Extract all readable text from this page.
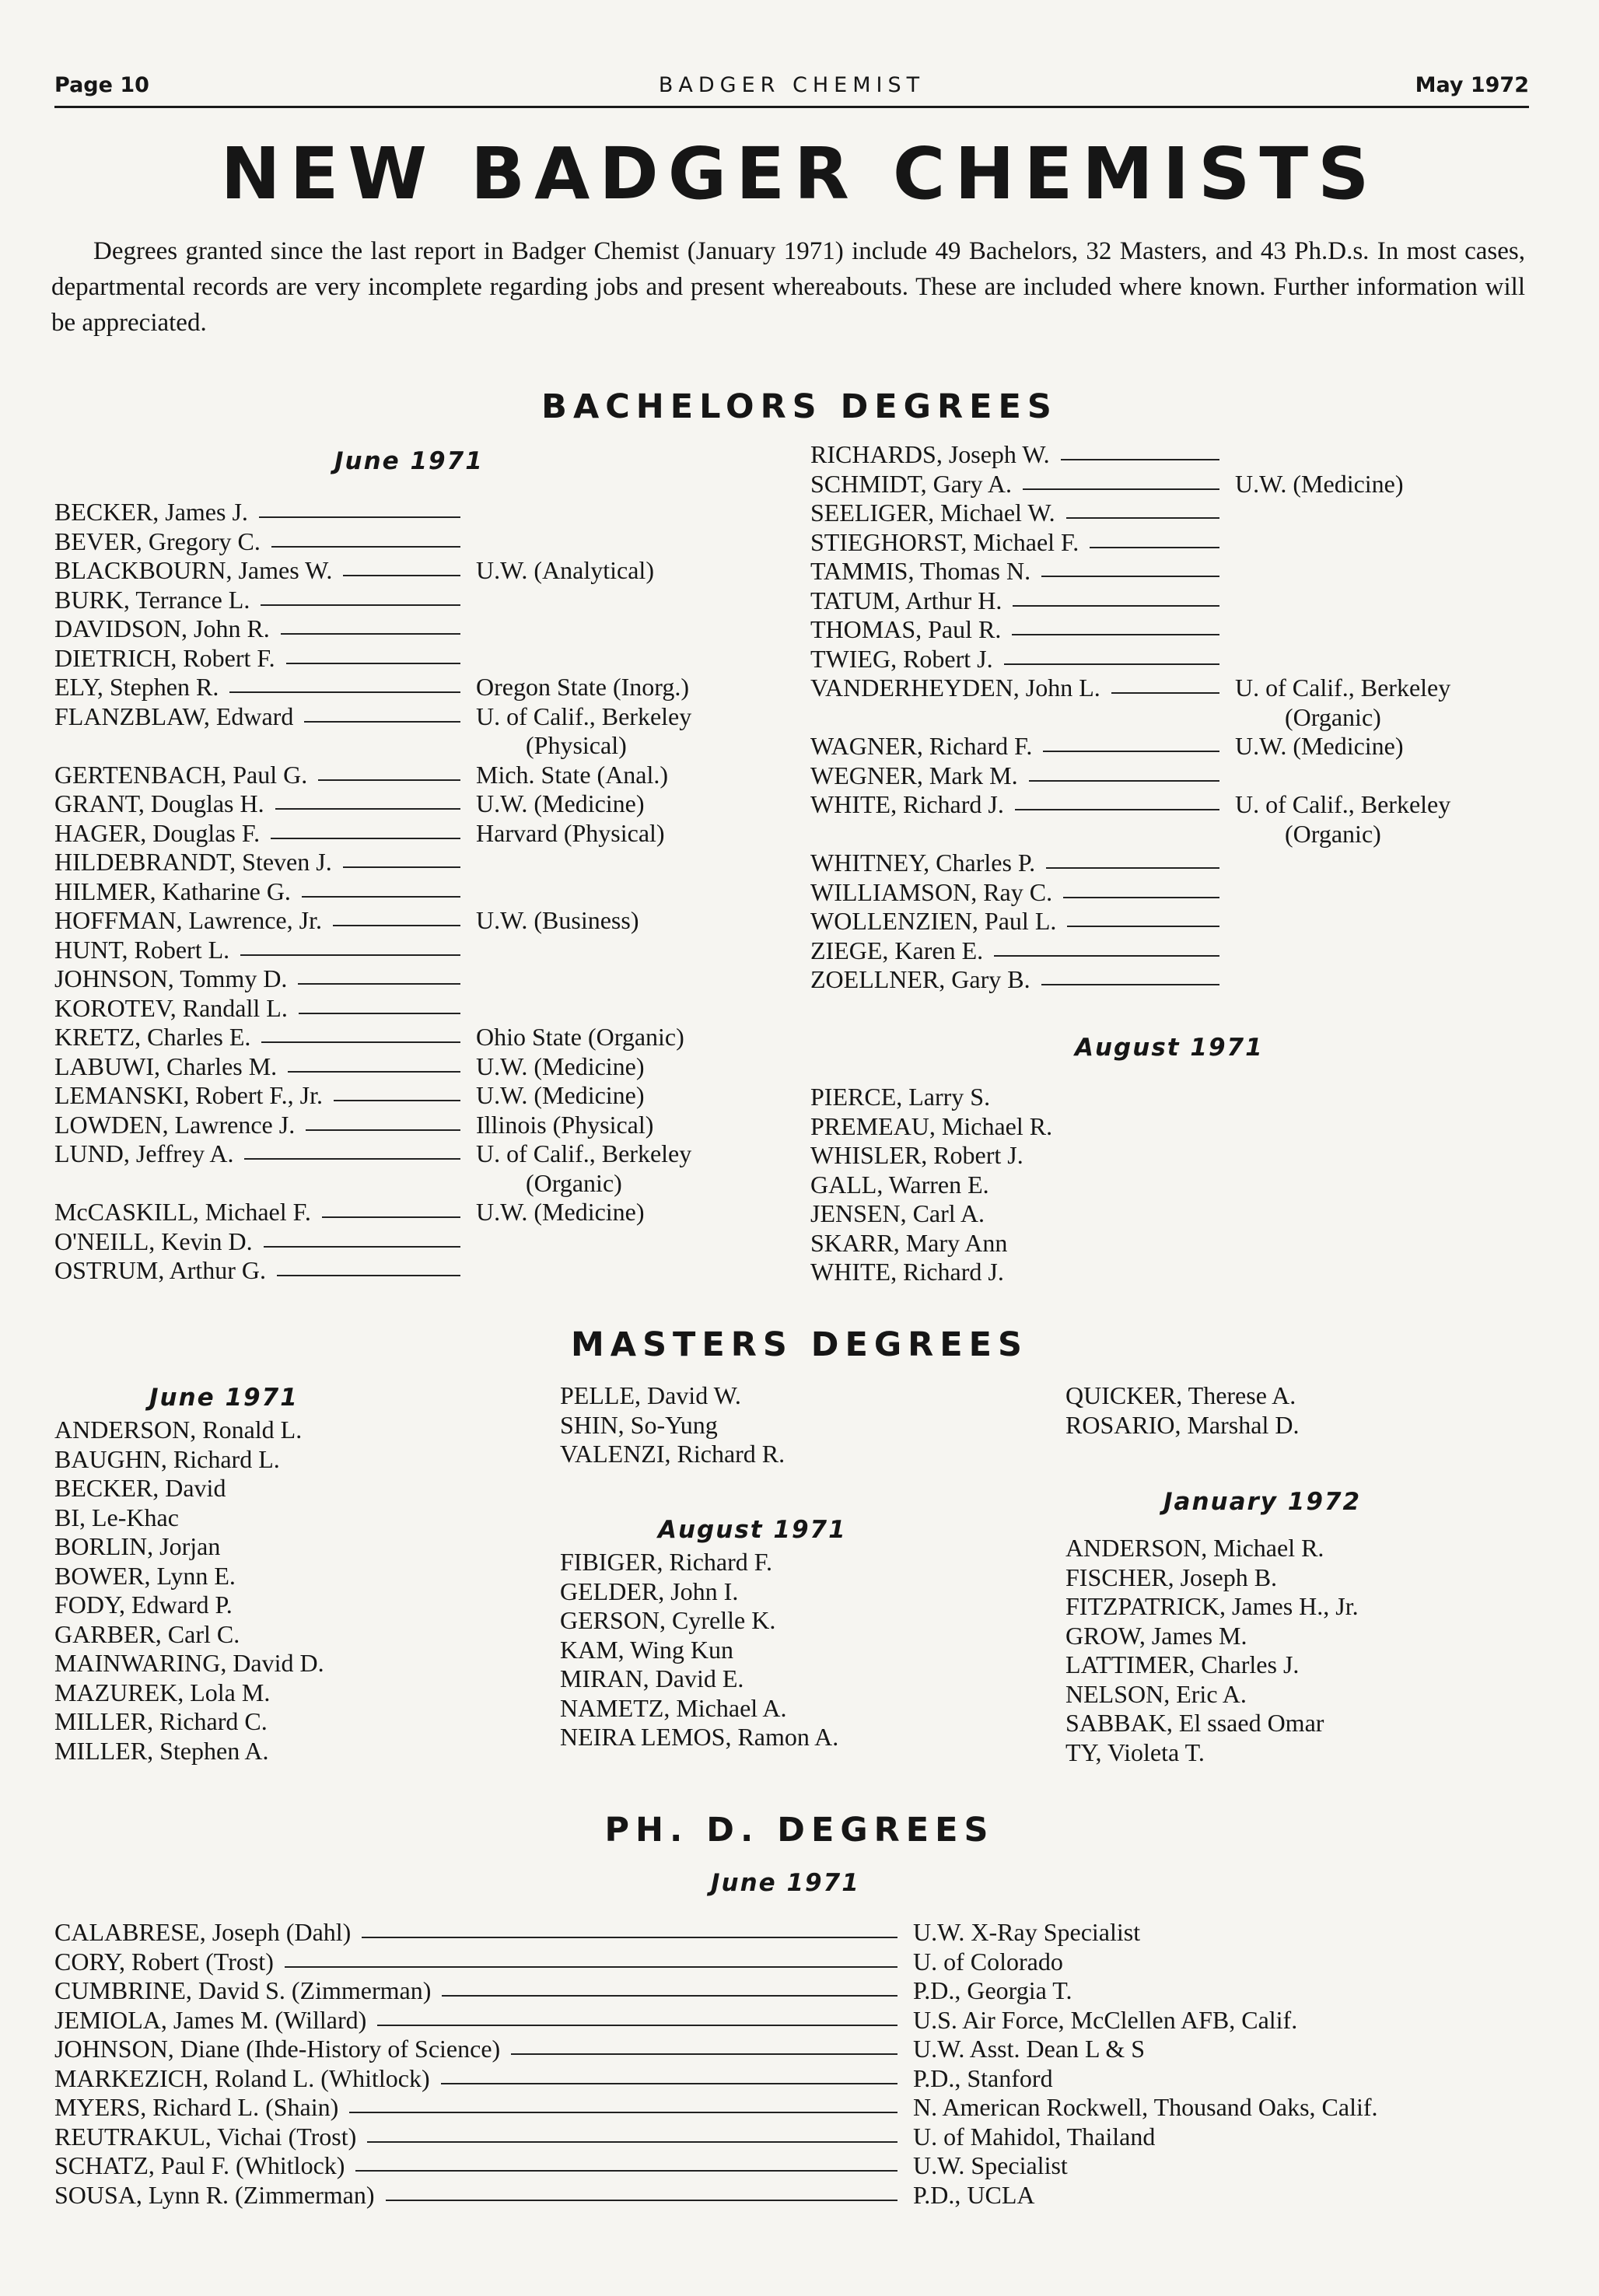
Page 10	BADGER CHEMIST	May 1972
NEW BADGER CHEMISTS
Degrees granted since the last report in Badger Chemist (January 1971) include 49 Bachelors, 32 Masters, and 43 Ph.D.s. In most cases, departmental records are very incomplete regarding jobs and present whereabouts. These are included where known. Further information will be appreciated.
BACHELORS DEGREES
June 1971
BECKER, James J.
BEVER, Gregory C.
BLACKBOURN, James W.	U.W. (Analytical)
BURK, Terrance L.
DAVIDSON, John R.
DIETRICH, Robert F.
ELY, Stephen R.	Oregon State (Inorg.)
FLANZBLAW, Edward	U. of Calif., Berkeley
(Physical)
GERTENBACH, Paul G.	Mich. State (Anal.)
GRANT, Douglas H.	U.W. (Medicine)
HAGER, Douglas F.	Harvard (Physical)
HILDEBRANDT, Steven J.
HILMER, Katharine G.
HOFFMAN, Lawrence, Jr.	U.W. (Business)
HUNT, Robert L.
JOHNSON, Tommy D.
KOROTEV, Randall L.
KRETZ, Charles E.	Ohio State (Organic)
LABUWI, Charles M.	U.W. (Medicine)
LEMANSKI, Robert F., Jr.	U.W. (Medicine)
LOWDEN, Lawrence J.	Illinois (Physical)
LUND, Jeffrey A.	U. of Calif., Berkeley
(Organic)
McCASKILL, Michael F.	U.W. (Medicine)
O'NEILL, Kevin D.
OSTRUM, Arthur G.
RICHARDS, Joseph W.
SCHMIDT, Gary A.	U.W. (Medicine)
SEELIGER, Michael W.
STIEGHORST, Michael F.
TAMMIS, Thomas N.
TATUM, Arthur H.
THOMAS, Paul R.
TWIEG, Robert J.
VANDERHEYDEN, John L.	U. of Calif., Berkeley
(Organic)
WAGNER, Richard F.	U.W. (Medicine)
WEGNER, Mark M.
WHITE, Richard J.	U. of Calif., Berkeley
(Organic)
WHITNEY, Charles P.
WILLIAMSON, Ray C.
WOLLENZIEN, Paul L.
ZIEGE, Karen E.
ZOELLNER, Gary B.
August 1971
PIERCE, Larry S.
PREMEAU, Michael R.
WHISLER, Robert J.
GALL, Warren E.
JENSEN, Carl A.
SKARR, Mary Ann
WHITE, Richard J.
MASTERS DEGREES
June 1971
ANDERSON, Ronald L.
BAUGHN, Richard L.
BECKER, David
BI, Le-Khac
BORLIN, Jorjan
BOWER, Lynn E.
FODY, Edward P.
GARBER, Carl C.
MAINWARING, David D.
MAZUREK, Lola M.
MILLER, Richard C.
MILLER, Stephen A.
PELLE, David W.
SHIN, So-Yung
VALENZI, Richard R.
QUICKER, Therese A.
ROSARIO, Marshal D.
August 1971
FIBIGER, Richard F.
GELDER, John I.
GERSON, Cyrelle K.
KAM, Wing Kun
MIRAN, David E.
NAMETZ, Michael A.
NEIRA LEMOS, Ramon A.
January 1972
ANDERSON, Michael R.
FISCHER, Joseph B.
FITZPATRICK, James H., Jr.
GROW, James M.
LATTIMER, Charles J.
NELSON, Eric A.
SABBAK, El ssaed Omar
TY, Violeta T.
PH. D. DEGREES
June 1971
CALABRESE, Joseph (Dahl)	U.W. X-Ray Specialist
CORY, Robert (Trost)	U. of Colorado
CUMBRINE, David S. (Zimmerman)	P.D., Georgia T.
JEMIOLA, James M. (Willard)	U.S. Air Force, McClellen AFB, Calif.
JOHNSON, Diane (Ihde-History of Science)	U.W. Asst. Dean L & S
MARKEZICH, Roland L. (Whitlock)	P.D., Stanford
MYERS, Richard L. (Shain)	N. American Rockwell, Thousand Oaks, Calif.
REUTRAKUL, Vichai (Trost)	U. of Mahidol, Thailand
SCHATZ, Paul F. (Whitlock)	U.W. Specialist
SOUSA, Lynn R. (Zimmerman)	P.D., UCLA
